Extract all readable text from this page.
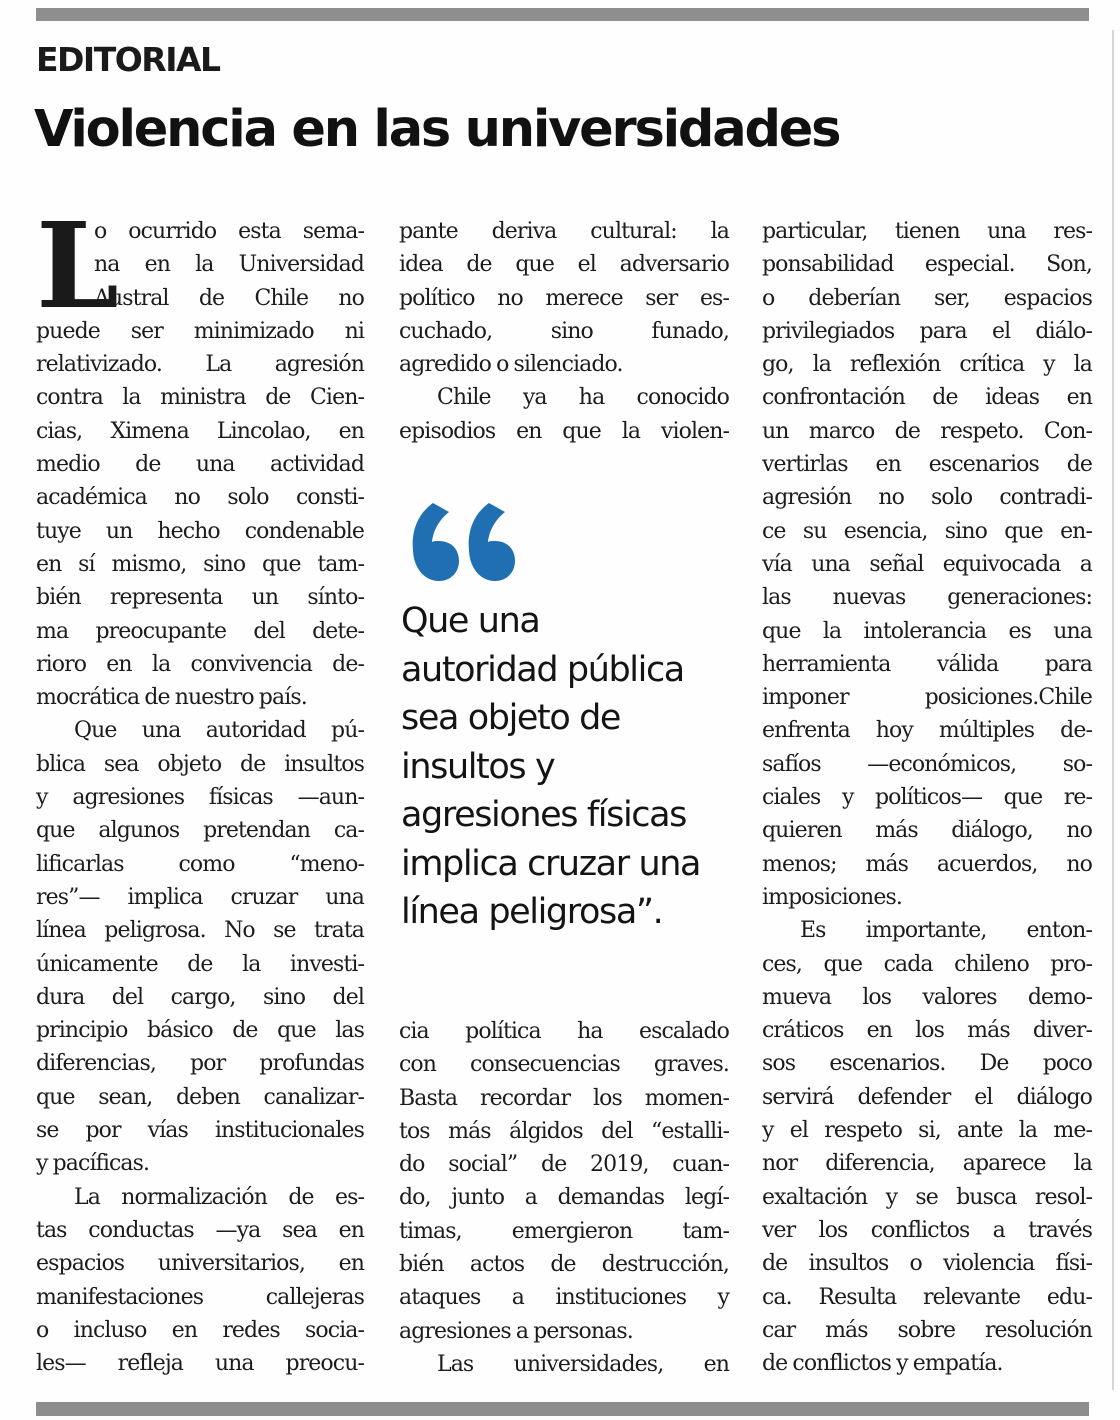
EDITORIAL
Violencia en las universidades
L
o ocurrido esta sema-
na en la Universidad
Austral de Chile no
puede ser minimizado ni
relativizado. La agresión
contra la ministra de Cien-
cias, Ximena Lincolao, en
medio de una actividad
académica no solo consti-
tuye un hecho condenable
en sí mismo, sino que tam-
bién representa un sínto-
ma preocupante del dete-
rioro en la convivencia de-
mocrática de nuestro país.
Que una autoridad pú-
blica sea objeto de insultos
y agresiones físicas —aun-
que algunos pretendan ca-
lificarlas como “meno-
res”— implica cruzar una
línea peligrosa. No se trata
únicamente de la investi-
dura del cargo, sino del
principio básico de que las
diferencias, por profundas
que sean, deben canalizar-
se por vías institucionales
y pacíficas.
La normalización de es-
tas conductas —ya sea en
espacios universitarios, en
manifestaciones callejeras
o incluso en redes socia-
les— refleja una preocu-
pante deriva cultural: la
idea de que el adversario
político no merece ser es-
cuchado, sino funado,
agredido o silenciado.
Chile ya ha conocido
episodios en que la violen-
Que una
autoridad pública
sea objeto de
insultos y
agresiones físicas
implica cruzar una
línea peligrosa”.
cia política ha escalado
con consecuencias graves.
Basta recordar los momen-
tos más álgidos del “estalli-
do social” de 2019, cuan-
do, junto a demandas legí-
timas, emergieron tam-
bién actos de destrucción,
ataques a instituciones y
agresiones a personas.
Las universidades, en
particular, tienen una res-
ponsabilidad especial. Son,
o deberían ser, espacios
privilegiados para el diálo-
go, la reflexión crítica y la
confrontación de ideas en
un marco de respeto. Con-
vertirlas en escenarios de
agresión no solo contradi-
ce su esencia, sino que en-
vía una señal equivocada a
las nuevas generaciones:
que la intolerancia es una
herramienta válida para
imponer posiciones.Chile
enfrenta hoy múltiples de-
safíos —económicos, so-
ciales y políticos— que re-
quieren más diálogo, no
menos; más acuerdos, no
imposiciones.
Es importante, enton-
ces, que cada chileno pro-
mueva los valores demo-
cráticos en los más diver-
sos escenarios. De poco
servirá defender el diálogo
y el respeto si, ante la me-
nor diferencia, aparece la
exaltación y se busca resol-
ver los conflictos a través
de insultos o violencia físi-
ca. Resulta relevante edu-
car más sobre resolución
de conflictos y empatía.
